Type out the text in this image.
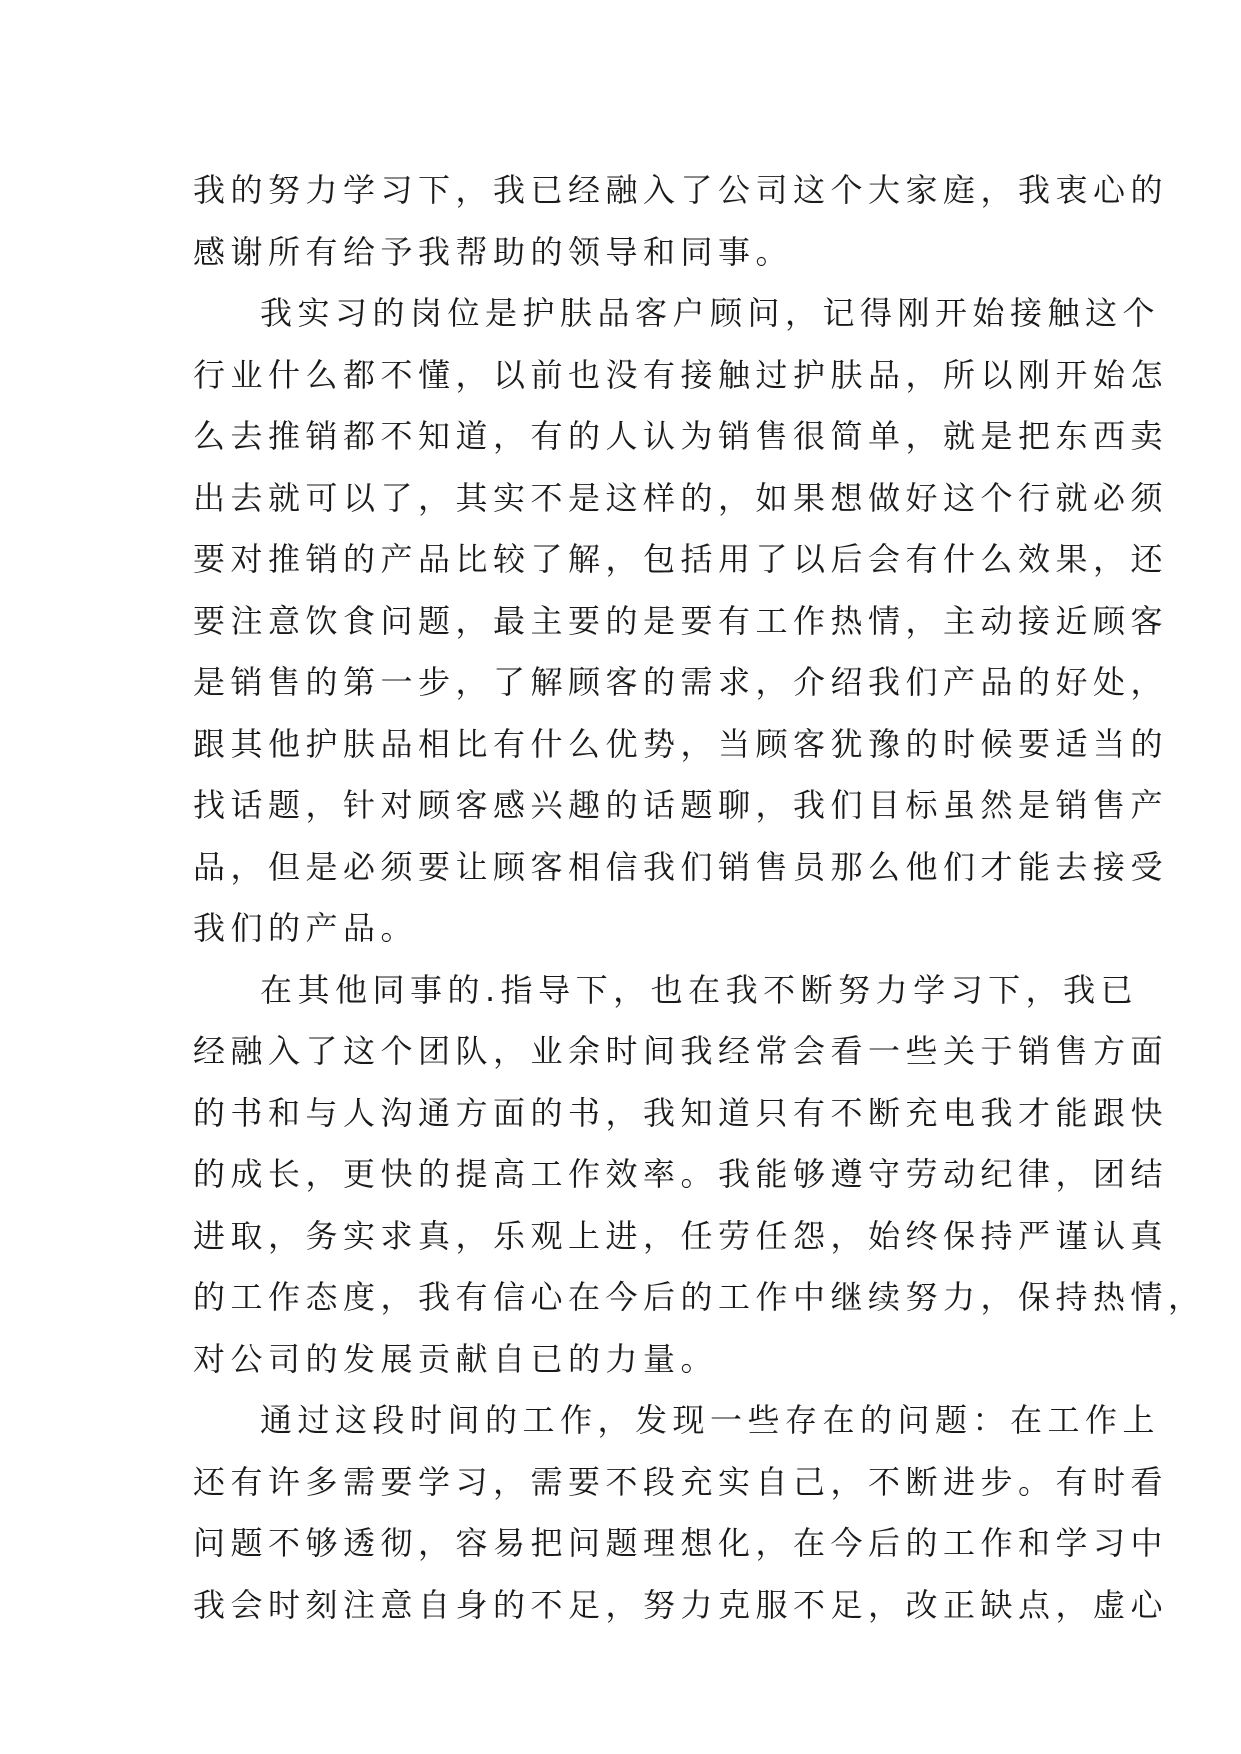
我的努力学习下，我已经融入了公司这个大家庭，我衷心的
感谢所有给予我帮助的领导和同事。
我实习的岗位是护肤品客户顾问，记得刚开始接触这个
行业什么都不懂，以前也没有接触过护肤品，所以刚开始怎
么去推销都不知道，有的人认为销售很简单，就是把东西卖
出去就可以了，其实不是这样的，如果想做好这个行就必须
要对推销的产品比较了解，包括用了以后会有什么效果，还
要注意饮食问题，最主要的是要有工作热情，主动接近顾客
是销售的第一步，了解顾客的需求，介绍我们产品的好处，
跟其他护肤品相比有什么优势，当顾客犹豫的时候要适当的
找话题，针对顾客感兴趣的话题聊，我们目标虽然是销售产
品，但是必须要让顾客相信我们销售员那么他们才能去接受
我们的产品。
在其他同事的.指导下，也在我不断努力学习下，我已
经融入了这个团队，业余时间我经常会看一些关于销售方面
的书和与人沟通方面的书，我知道只有不断充电我才能跟快
的成长，更快的提高工作效率。我能够遵守劳动纪律，团结
进取，务实求真，乐观上进，任劳任怨，始终保持严谨认真
的工作态度，我有信心在今后的工作中继续努力，保持热情，
对公司的发展贡献自已的力量。
通过这段时间的工作，发现一些存在的问题：在工作上
还有许多需要学习，需要不段充实自己，不断进步。有时看
问题不够透彻，容易把问题理想化，在今后的工作和学习中
我会时刻注意自身的不足，努力克服不足，改正缺点，虚心
